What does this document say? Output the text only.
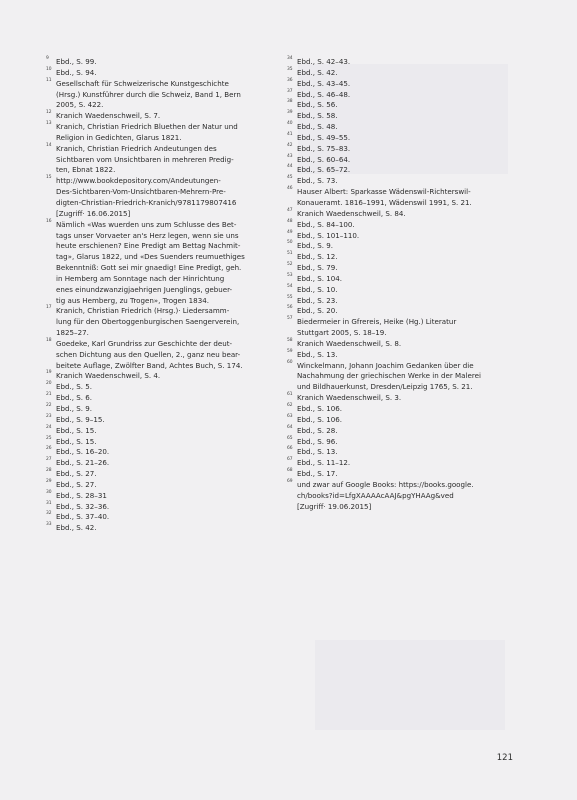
9 Ebd., S. 99.
10 Ebd., S. 94.
11 Gesellschaft für Schweizerische Kunstgeschichte
(Hrsg.) Kunstführer durch die Schweiz, Band 1, Bern
2005, S. 422.
12 Kranich Waedenschweil, S. 7.
13 Kranich, Christian Friedrich Bluethen der Natur und
Religion in Gedichten, Glarus 1821.
14 Kranich, Christian Friedrich Andeutungen des
Sichtbaren vom Unsichtbaren in mehreren Predig-
ten, Ebnat 1822.
15 http://www.bookdepository.com/Andeutungen-
Des-Sichtbaren-Vom-Unsichtbaren-Mehrern-Pre-
digten-Christian-Friedrich-Kranich/9781179807416
[Zugriff· 16.06.2015]
16 Nämlich «Was wuerden uns zum Schlusse des Bet-
tags unser Vorvaeter an's Herz legen, wenn sie uns
heute erschienen? Eine Predigt am Bettag Nachmit-
tag», Glarus 1822, und «Des Suenders reumuethiges
Bekenntniß: Gott sei mir gnaedig! Eine Predigt, geh.
in Hemberg am Sonntage nach der Hinrichtung
enes einundzwanzigjaehrigen Juenglings, gebuer-
tig aus Hemberg, zu Trogen», Trogen 1834.
17 Kranich, Christian Friedrich (Hrsg.)· Liedersamm-
lung für den Obertoggenburgischen Saengerverein,
1825–27.
18 Goedeke, Karl Grundriss zur Geschichte der deut-
schen Dichtung aus den Quellen, 2., ganz neu bear-
beitete Auflage, Zwölfter Band, Achtes Buch, S. 174.
19 Kranich Waedenschweil, S. 4.
20 Ebd., S. 5.
21 Ebd., S. 6.
22 Ebd., S. 9.
23 Ebd., S. 9–15.
24 Ebd., S. 15.
25 Ebd., S. 15.
26 Ebd., S. 16–20.
27 Ebd., S. 21–26.
28 Ebd., S. 27.
29 Ebd., S. 27.
30 Ebd., S. 28–31
31 Ebd., S. 32–36.
32 Ebd., S. 37–40.
33 Ebd., S. 42.
34 Ebd., S. 42–43.
35 Ebd., S. 42.
36 Ebd., S. 43–45.
37 Ebd., S. 46–48.
38 Ebd., S. 56.
39 Ebd., S. 58.
40 Ebd., S. 48.
41 Ebd., S. 49–55.
42 Ebd., S. 75–83.
43 Ebd., S. 60–64.
44 Ebd., S. 65–72.
45 Ebd., S. 73.
46 Hauser Albert: Sparkasse Wädenswil-Richterswil-
Konaueramt. 1816–1991, Wädenswil 1991, S. 21.
47 Kranich Waedenschweil, S. 84.
48 Ebd., S. 84–100.
49 Ebd., S. 101–110.
50 Ebd., S. 9.
51 Ebd., S. 12.
52 Ebd., S. 79.
53 Ebd., S. 104.
54 Ebd., S. 10.
55 Ebd., S. 23.
56 Ebd., S. 20.
57 Biedermeier in Gfrereis, Heike (Hg.) Literatur
Stuttgart 2005, S. 18–19.
58 Kranich Waedenschweil, S. 8.
59 Ebd., S. 13.
60 Winckelmann, Johann Joachim Gedanken über die
Nachahmung der griechischen Werke in der Malerei
und Bildhauerkunst, Dresden/Leipzig 1765, S. 21.
61 Kranich Waedenschweil, S. 3.
62 Ebd., S. 106.
63 Ebd., S. 106.
64 Ebd., S. 28.
65 Ebd., S. 96.
66 Ebd., S. 13.
67 Ebd., S. 11–12.
68 Ebd., S. 17.
69 und zwar auf Google Books: https://books.google.
ch/books?id=LfgXAAAAcAAJ&pgYHAAg&ved
[Zugriff· 19.06.2015]
121
